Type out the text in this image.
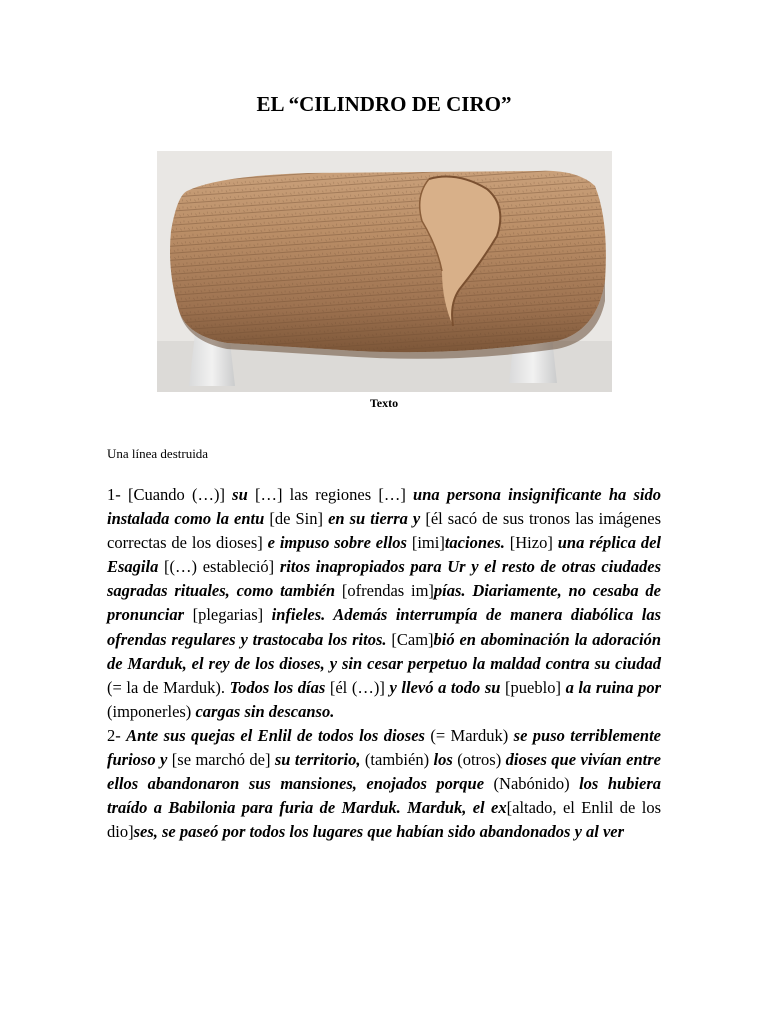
EL “CILINDRO DE CIRO”
Texto
Una línea destruida

1- [Cuando (…)] su […] las regiones […] una persona insignificante ha sido instalada como la entu [de Sin] en su tierra y [él sacó de sus tronos las imágenes correctas de los dioses] e impuso sobre ellos [imi]taciones. [Hizo] una réplica del Esagila [(…) estableció] ritos inapropiados para Ur y el resto de otras ciudades sagradas rituales, como también [ofrendas im]pías. Diariamente, no cesaba de pronunciar [plegarias] infieles. Además interrumpía de manera diabólica las ofrendas regulares y trastocaba los ritos. [Cam]bió en abominación la adoración de Marduk, el rey de los dioses, y sin cesar perpetuo la maldad contra su ciudad (= la de Marduk). Todos los días [él (…)] y llevó a todo su [pueblo] a la ruina por (imponerles) cargas sin descanso.

2- Ante sus quejas el Enlil de todos los dioses (= Marduk) se puso terriblemente furioso y [se marchó de] su territorio, (también) los (otros) dioses que vivían entre ellos abandonaron sus mansiones, enojados porque (Nabónido) los hubiera traído a Babilonia para furia de Marduk. Marduk, el ex[altado, el Enlil de los dio]ses, se paseó por todos los lugares que habían sido abandonados y al ver
